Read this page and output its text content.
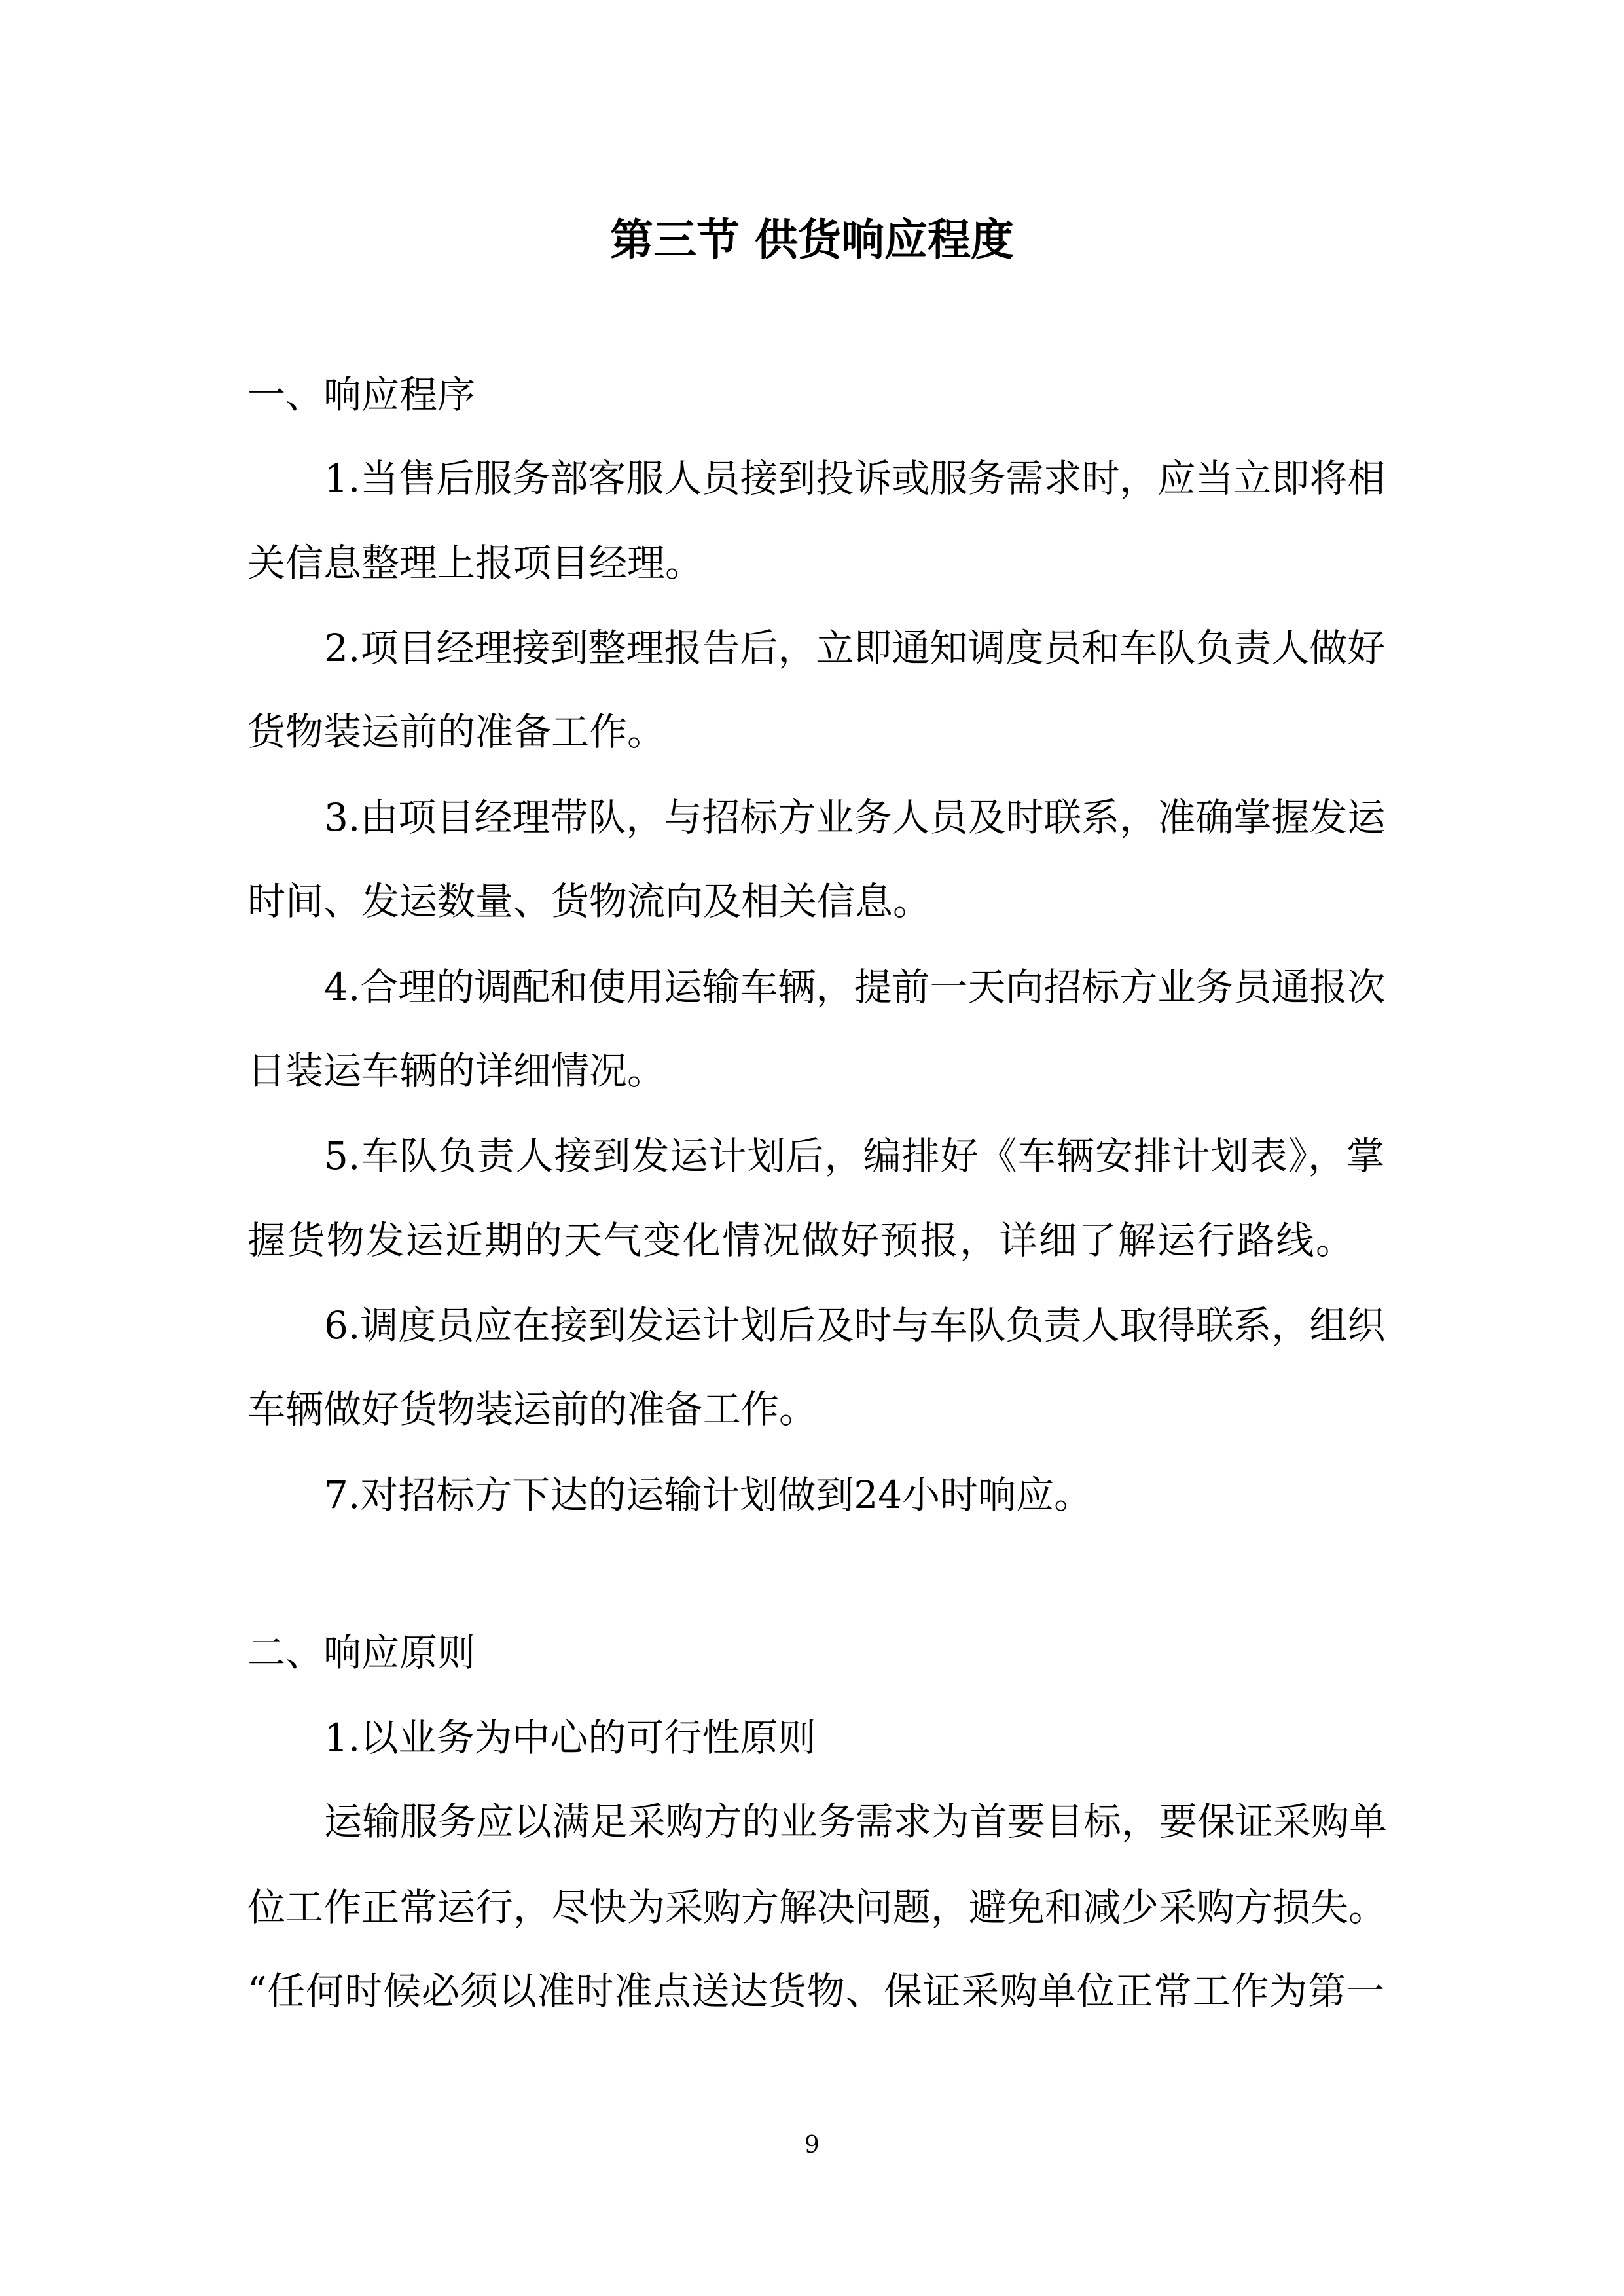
第三节 供货响应程度
一、响应程序
1.当售后服务部客服人员接到投诉或服务需求时，应当立即将相
关信息整理上报项目经理。
2.项目经理接到整理报告后，立即通知调度员和车队负责人做好
货物装运前的准备工作。
3.由项目经理带队，与招标方业务人员及时联系，准确掌握发运
时间、发运数量、货物流向及相关信息。
4.合理的调配和使用运输车辆，提前一天向招标方业务员通报次
日装运车辆的详细情况。
5.车队负责人接到发运计划后，编排好《车辆安排计划表》，掌
握货物发运近期的天气变化情况做好预报，详细了解运行路线。
6.调度员应在接到发运计划后及时与车队负责人取得联系，组织
车辆做好货物装运前的准备工作。
7.对招标方下达的运输计划做到24小时响应。
二、响应原则
1.以业务为中心的可行性原则
运输服务应以满足采购方的业务需求为首要目标，要保证采购单
位工作正常运行，尽快为采购方解决问题，避免和减少采购方损失。
“任何时候必须以准时准点送达货物、保证采购单位正常工作为第一
9
